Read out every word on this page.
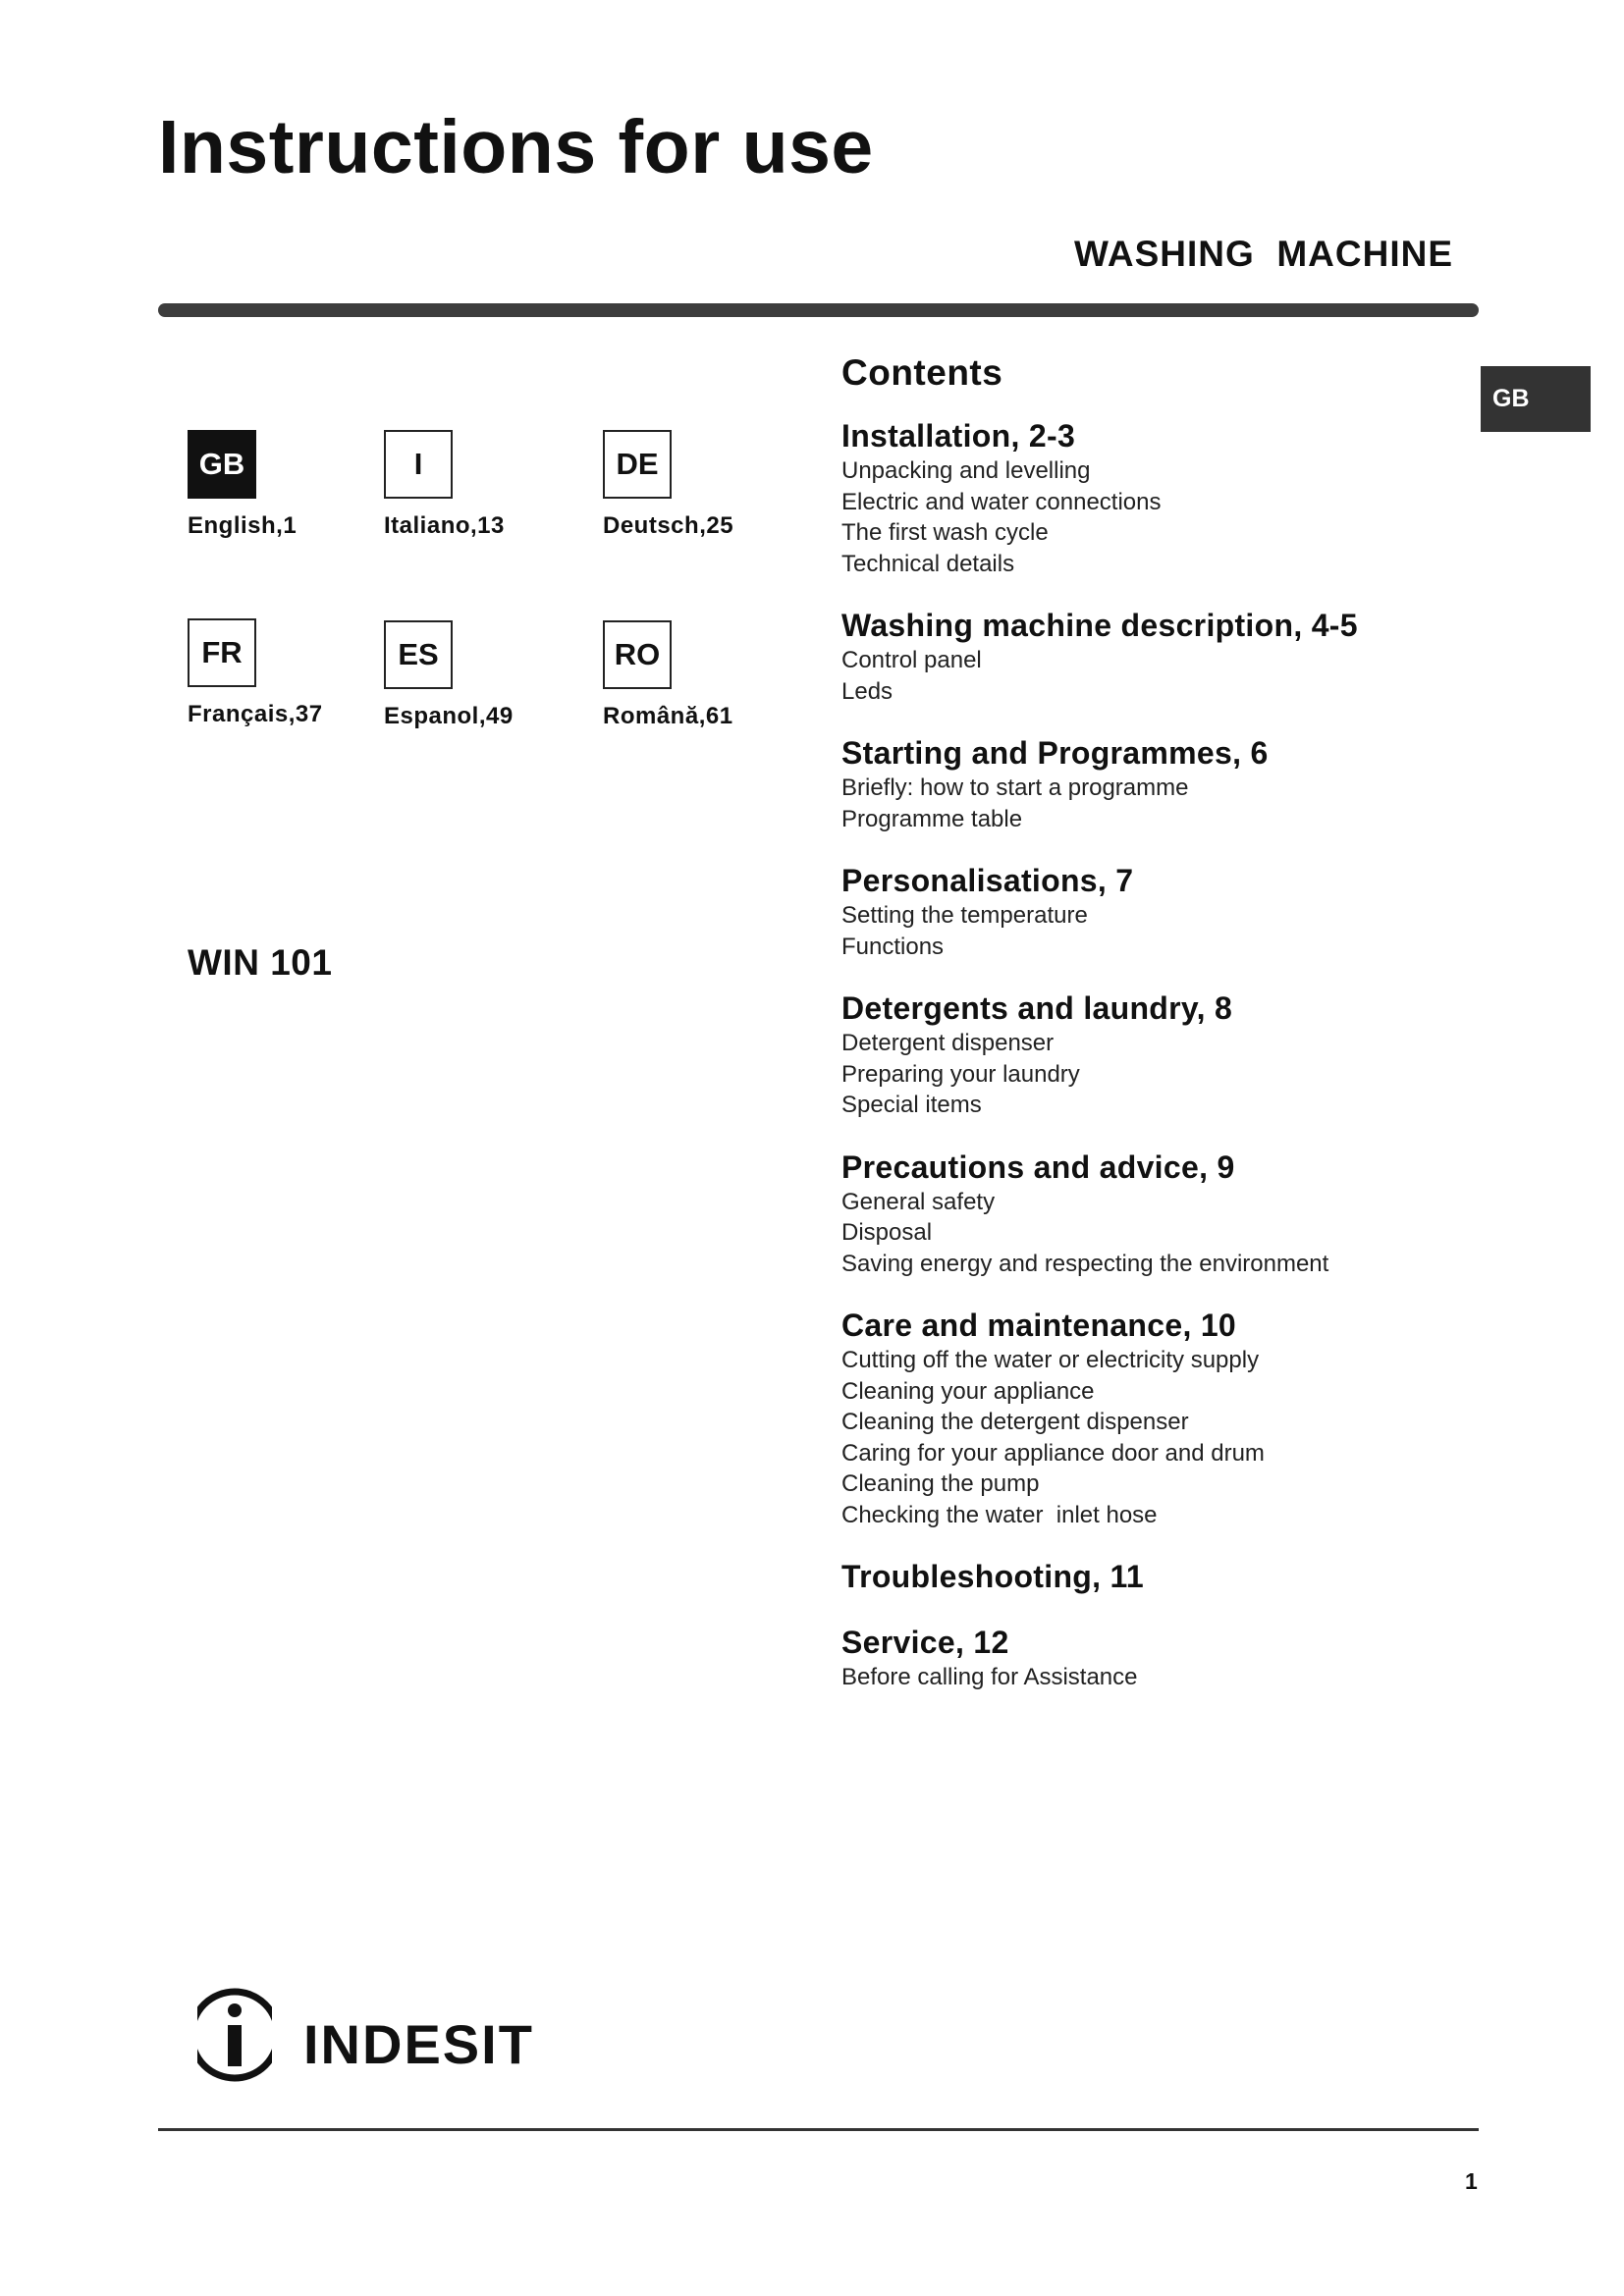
Instructions for use
WASHING  MACHINE
GB
GB
English,1
I
Italiano,13
DE
Deutsch,25
FR
Français,37
ES
Espanol,49
RO
Română,61
WIN 101
Contents
Installation, 2-3
Unpacking and levelling
Electric and water connections
The first wash cycle
Technical details
Washing machine description, 4-5
Control panel
Leds
Starting and Programmes, 6
Briefly: how to start a programme
Programme table
Personalisations, 7
Setting the temperature
Functions
Detergents and laundry, 8
Detergent dispenser
Preparing your laundry
Special items
Precautions and advice, 9
General safety
Disposal
Saving energy and respecting the environment
Care and maintenance, 10
Cutting off the water or electricity supply
Cleaning your appliance
Cleaning the detergent dispenser
Caring for your appliance door and drum
Cleaning the pump
Checking the water  inlet hose
Troubleshooting, 11
Service, 12
Before calling for Assistance
INDESIT
1
